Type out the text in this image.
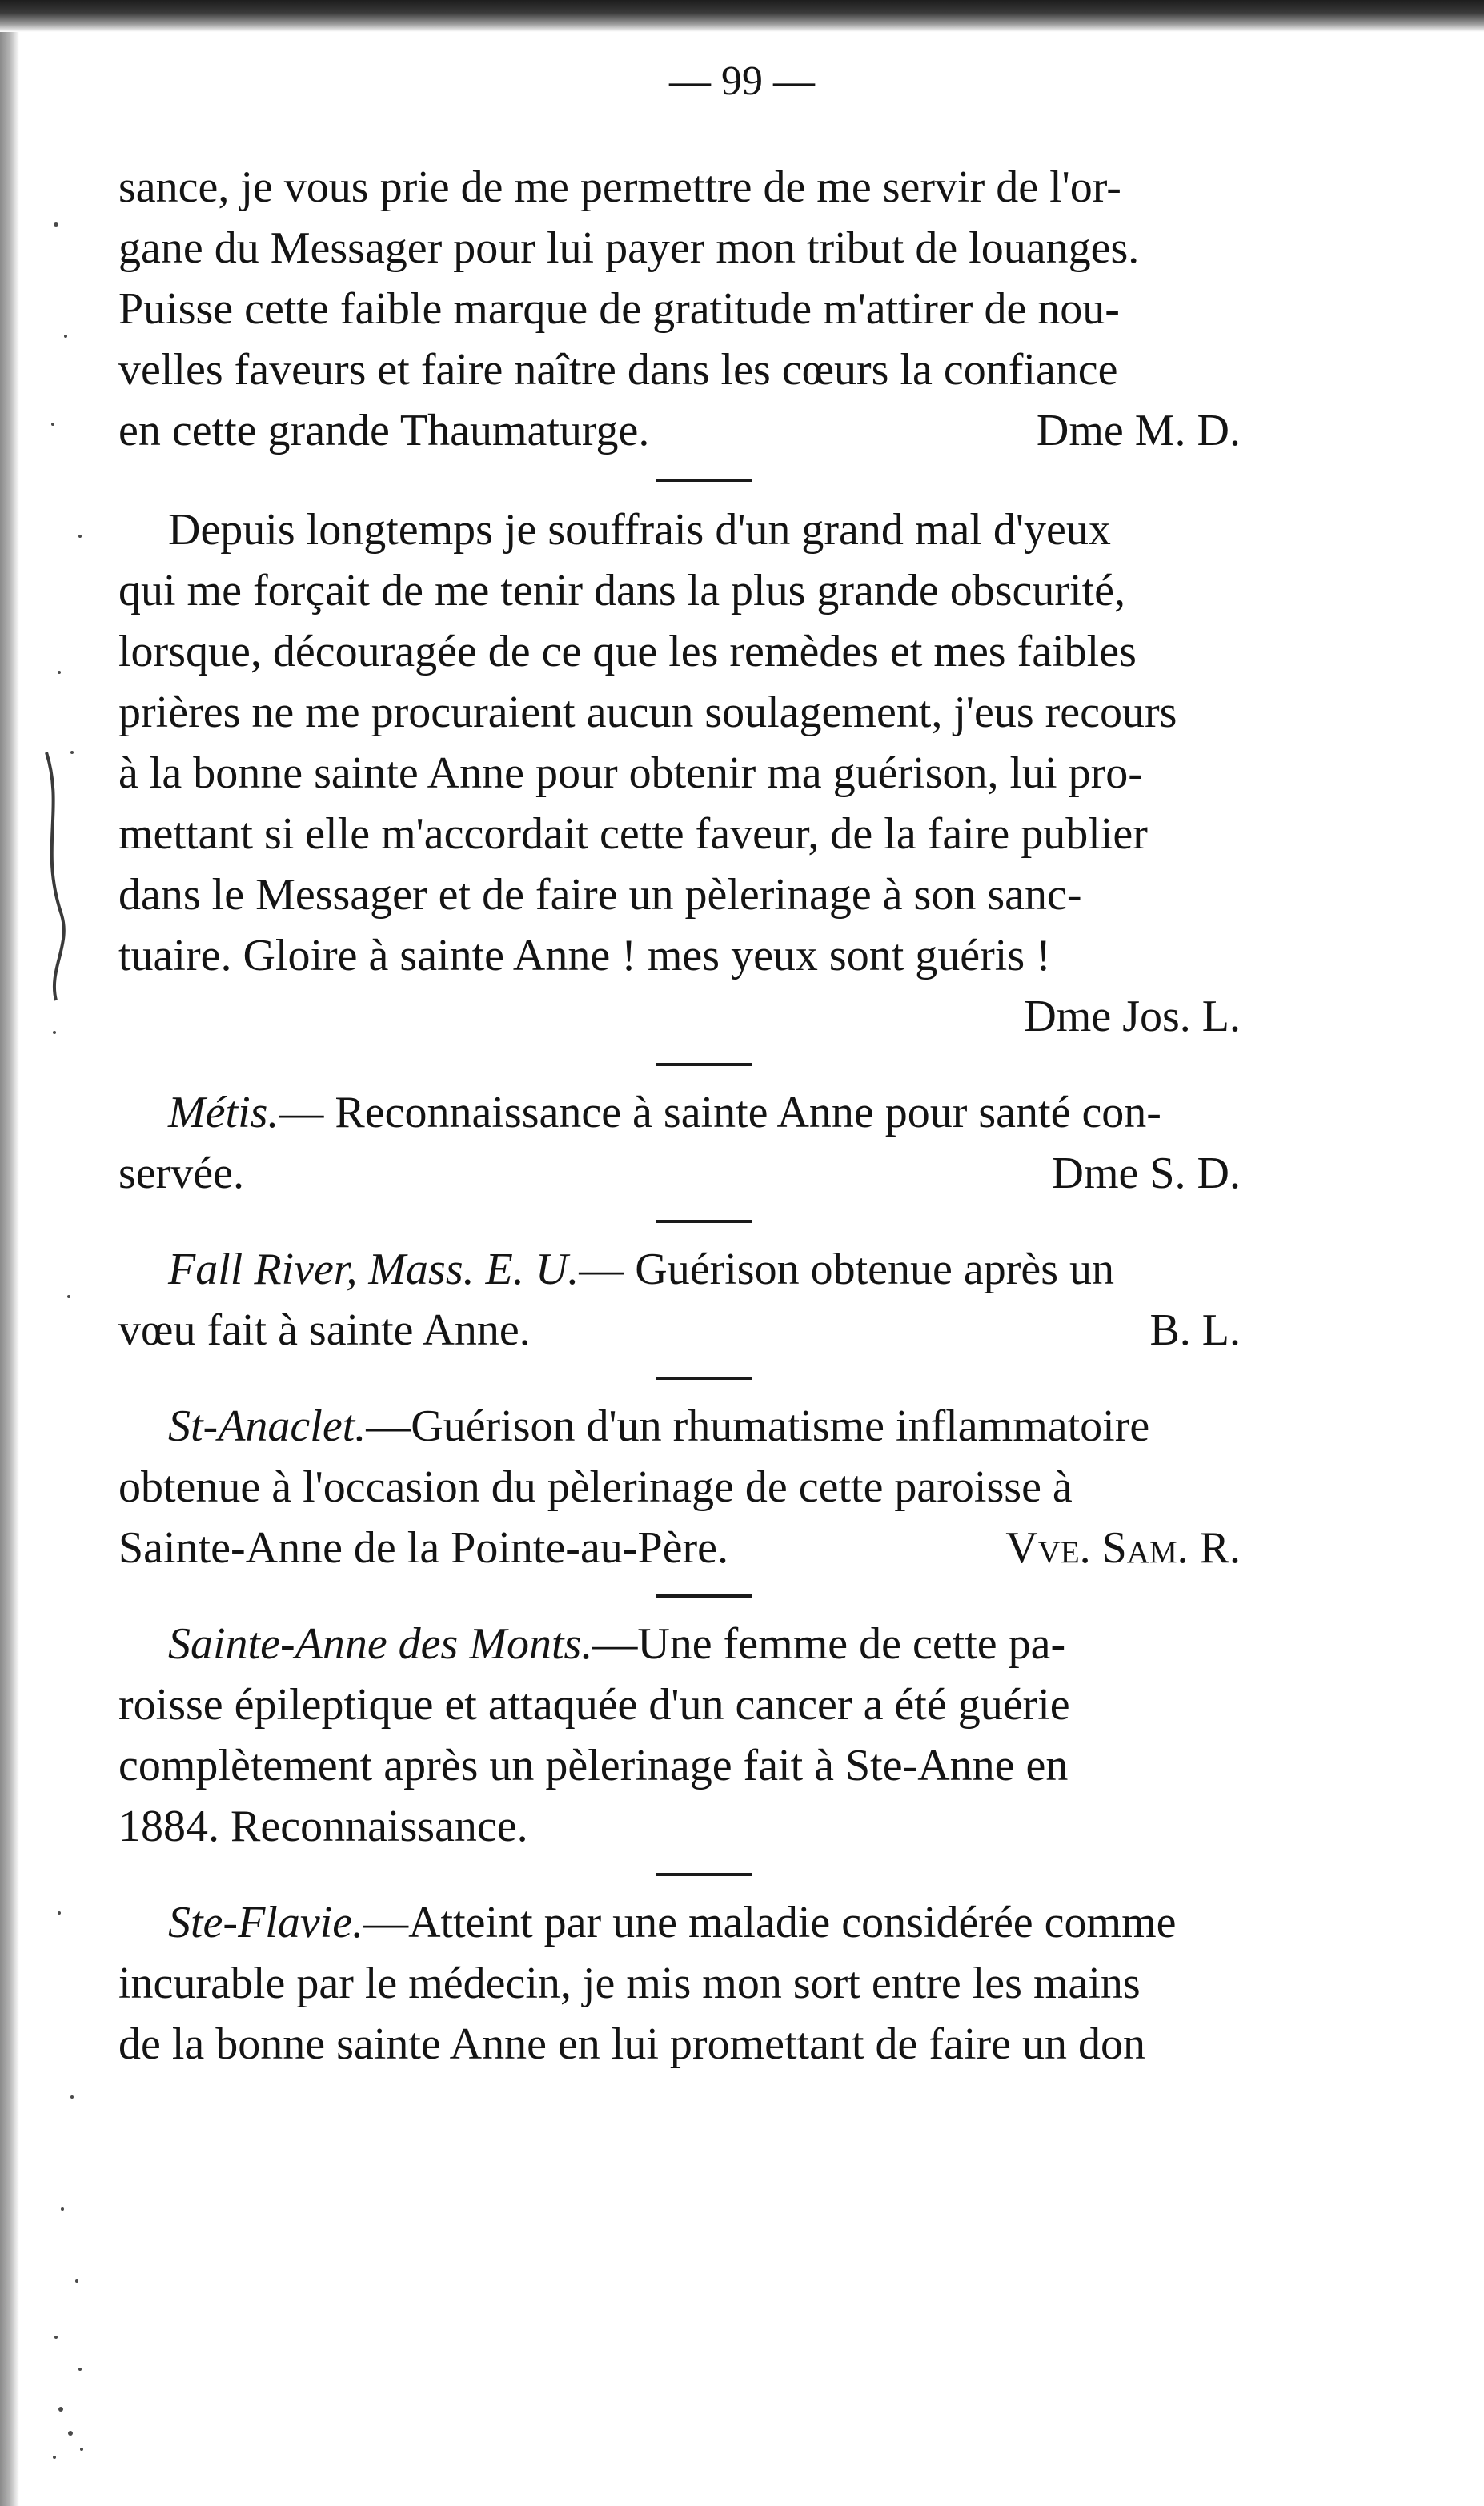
— 99 —
sance, je vous prie de me permettre de me servir de l'or-
gane du Messager pour lui payer mon tribut de louanges.
Puisse cette faible marque de gratitude m'attirer de nou-
velles faveurs et faire naître dans les cœurs la confiance
en cette grande Thaumaturge.	Dme M. D.
Depuis longtemps je souffrais d'un grand mal d'yeux
qui me forçait de me tenir dans la plus grande obscurité,
lorsque, découragée de ce que les remèdes et mes faibles
prières ne me procuraient aucun soulagement, j'eus recours
à la bonne sainte Anne pour obtenir ma guérison, lui pro-
mettant si elle m'accordait cette faveur, de la faire publier
dans le Messager et de faire un pèlerinage à son sanc-
tuaire. Gloire à sainte Anne ! mes yeux sont guéris !
Dme Jos. L.
Métis.— Reconnaissance à sainte Anne pour santé con-
servée.	Dme S. D.
Fall River, Mass. E. U.— Guérison obtenue après un
vœu fait à sainte Anne.	B. L.
St-Anaclet.—Guérison d'un rhumatisme inflammatoire
obtenue à l'occasion du pèlerinage de cette paroisse à
Sainte-Anne de la Pointe-au-Père.	Vve. Sam. R.
Sainte-Anne des Monts.—Une femme de cette pa-
roisse épileptique et attaquée d'un cancer a été guérie
complètement après un pèlerinage fait à Ste-Anne en
1884. Reconnaissance.
Ste-Flavie.—Atteint par une maladie considérée comme
incurable par le médecin, je mis mon sort entre les mains
de la bonne sainte Anne en lui promettant de faire un don
